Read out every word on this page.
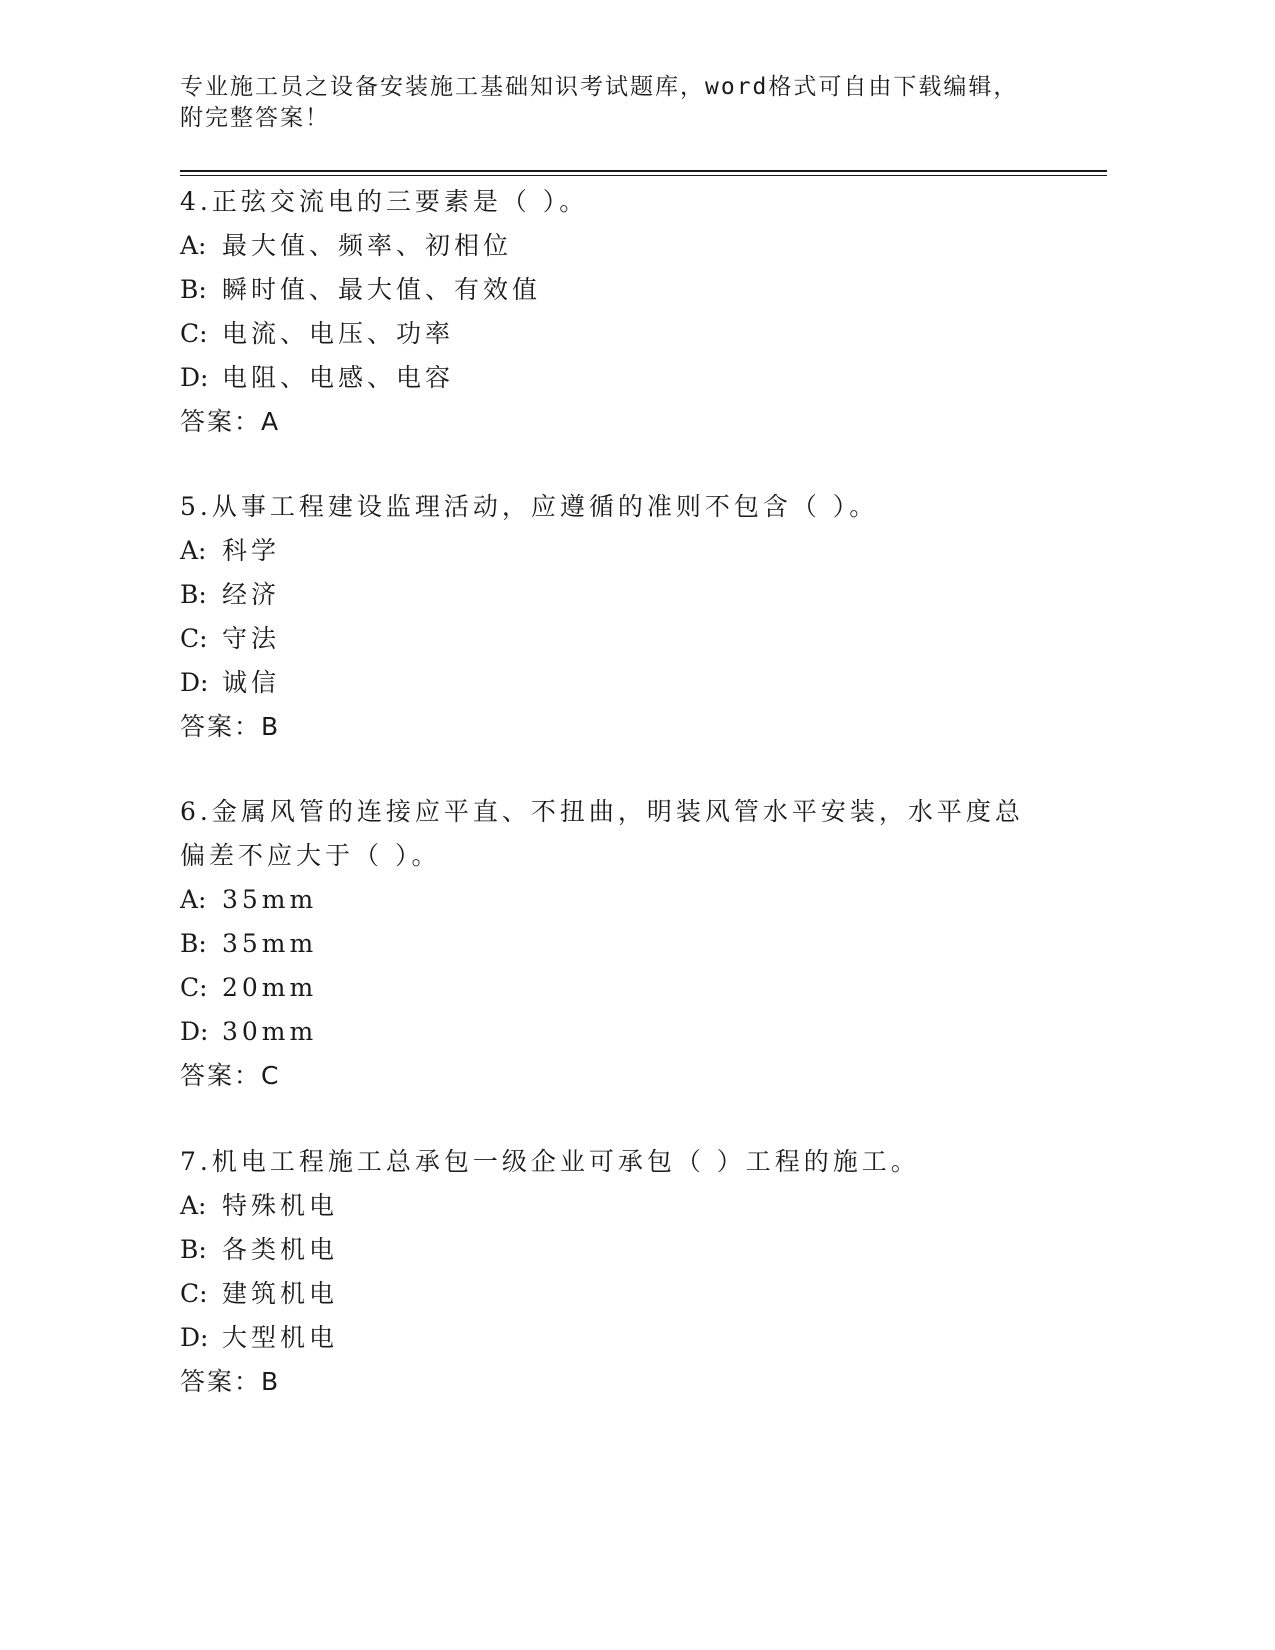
专业施工员之设备安装施工基础知识考试题库，word格式可自由下载编辑，附完整答案！
4.正弦交流电的三要素是（ ）。
A: 最大值、频率、初相位
B: 瞬时值、最大值、有效值
C: 电流、电压、功率
D: 电阻、电感、电容
答案：A
5.从事工程建设监理活动，应遵循的准则不包含（ ）。
A: 科学
B: 经济
C: 守法
D: 诚信
答案：B
6.金属风管的连接应平直、不扭曲，明装风管水平安装，水平度总偏差不应大于（ ）。
A: 35mm
B: 35mm
C: 20mm
D: 30mm
答案：C
7.机电工程施工总承包一级企业可承包（ ）工程的施工。
A: 特殊机电
B: 各类机电
C: 建筑机电
D: 大型机电
答案：B
